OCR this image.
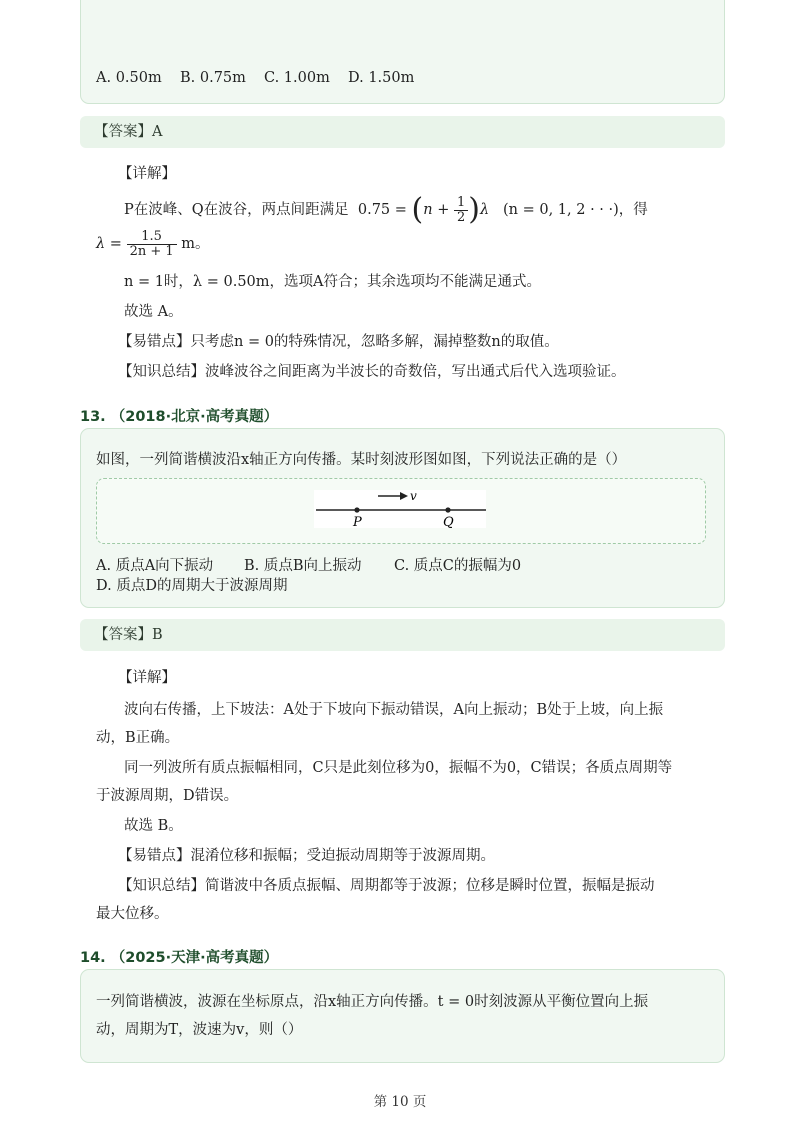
A. 0.50m B. 0.75m C. 1.00m D. 1.50m
【答案】A
【详解】
P在波峰、Q在波谷，两点间距满足 $0.75 = (n + \frac{1}{2} )\lambda$ (n = 0, 1, 2 · · ·)，得
$\lambda = \frac{1.5}{2n + 1}$ m。
n = 1时，λ = 0.50m，选项A符合；其余选项均不能满足通式。
故选 A。
【易错点】只考虑n = 0的特殊情况，忽略多解，漏掉整数n的取值。
【知识总结】波峰波谷之间距离为半波长的奇数倍，写出通式后代入选项验证。
13. （2018·北京·高考真题）
如图，一列简谐横波沿x轴正方向传播。某时刻波形图如图，下列说法正确的是（）
v
P	Q
A. 质点A向下振动 B. 质点B向上振动 C. 质点C的振幅为0
D. 质点D的周期大于波源周期
【答案】B
【详解】
波向右传播，上下坡法：A处于下坡向下振动错误，A向上振动；B处于上坡，向上振
动，B正确。
同一列波所有质点振幅相同，C只是此刻位移为0，振幅不为0，C错误；各质点周期等
于波源周期，D错误。
故选 B。
【易错点】混淆位移和振幅；受迫振动周期等于波源周期。
【知识总结】简谐波中各质点振幅、周期都等于波源；位移是瞬时位置，振幅是振动
最大位移。
14. （2025·天津·高考真题）
一列简谐横波，波源在坐标原点，沿x轴正方向传播。t = 0时刻波源从平衡位置向上振
动，周期为T，波速为v，则（）
第 10 页
